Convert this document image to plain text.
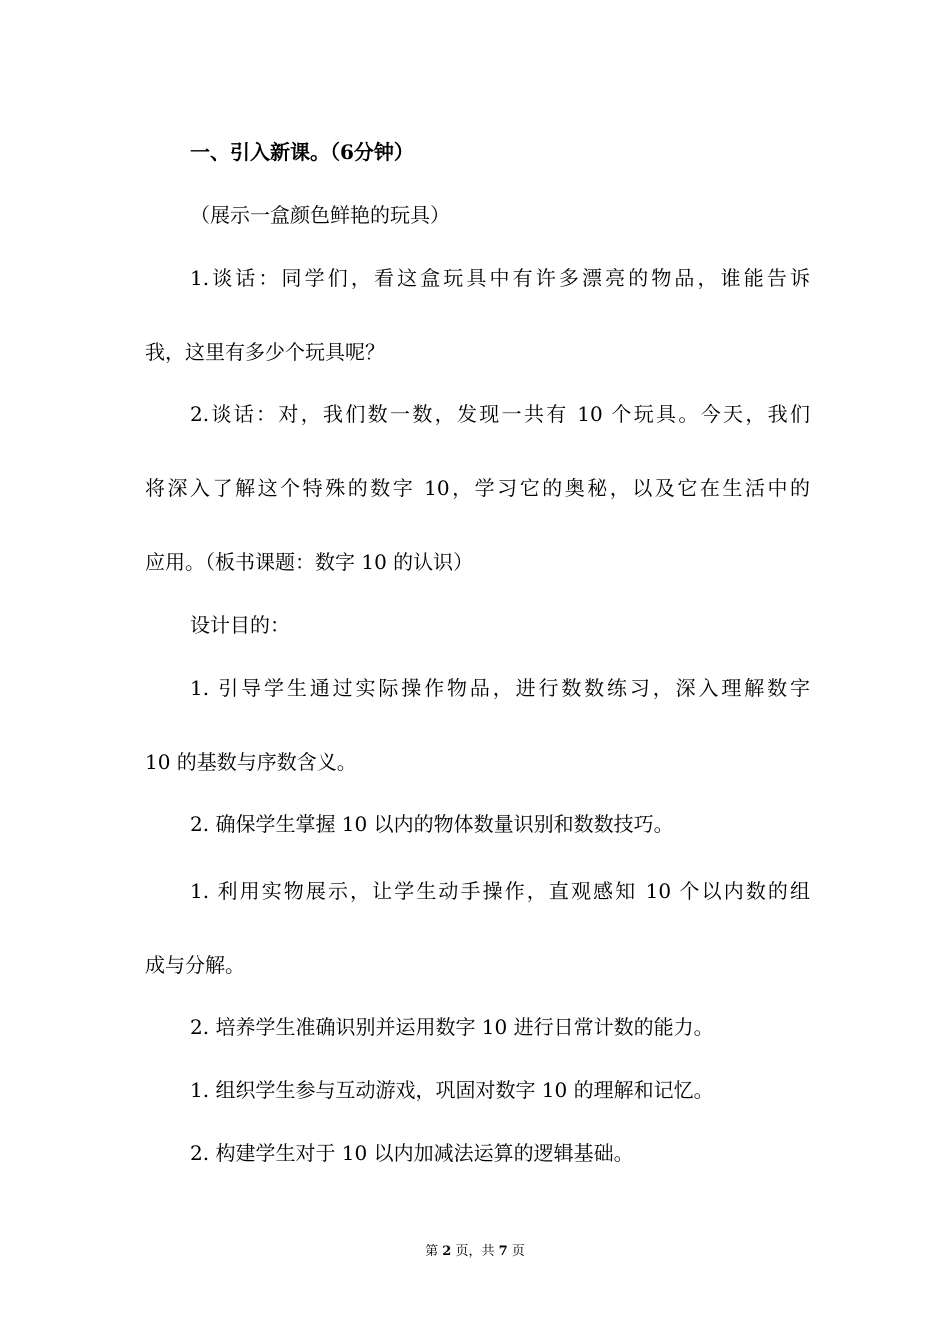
一、引入新课。（6分钟）
（展示一盒颜色鲜艳的玩具）
1.谈话：同学们，看这盒玩具中有许多漂亮的物品，谁能告诉
我，这里有多少个玩具呢？
2.谈话：对，我们数一数，发现一共有 10 个玩具。今天，我们
将深入了解这个特殊的数字 10，学习它的奥秘，以及它在生活中的
应用。（板书课题：数字 10 的认识）
设计目的：
1. 引导学生通过实际操作物品，进行数数练习，深入理解数字
10 的基数与序数含义。
2. 确保学生掌握 10 以内的物体数量识别和数数技巧。
1. 利用实物展示，让学生动手操作，直观感知 10 个以内数的组
成与分解。
2. 培养学生准确识别并运用数字 10 进行日常计数的能力。
1. 组织学生参与互动游戏，巩固对数字 10 的理解和记忆。
2. 构建学生对于 10 以内加减法运算的逻辑基础。
第 2 页，共 7 页
